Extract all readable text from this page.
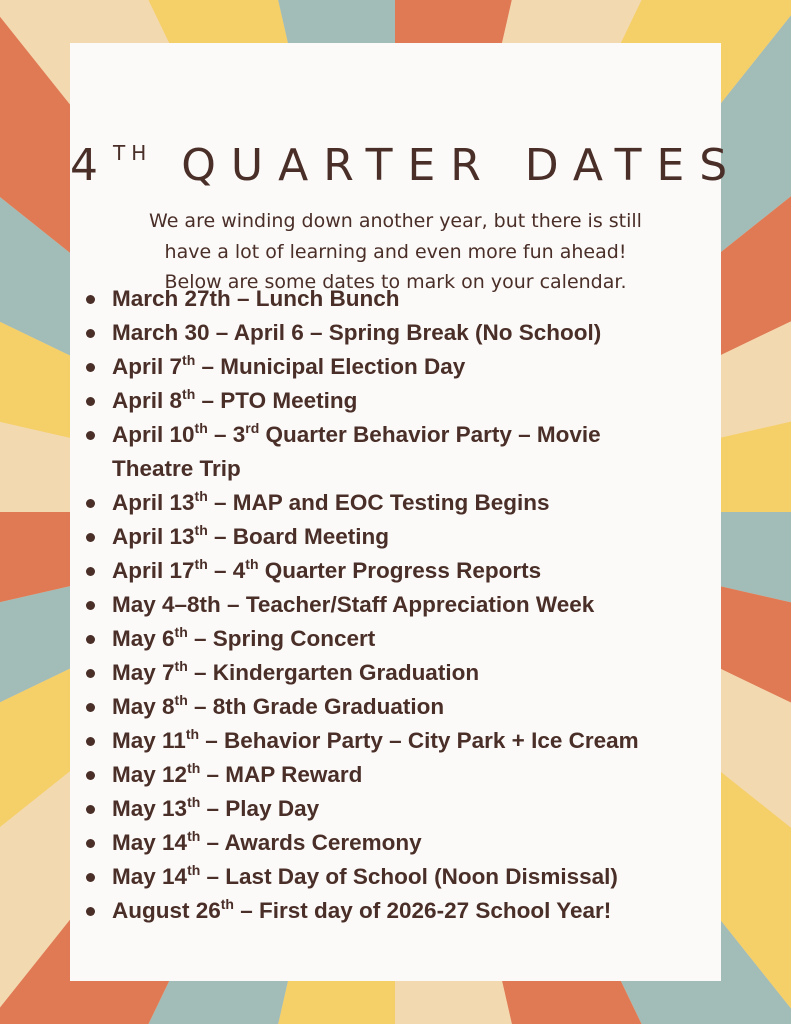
4TH QUARTER DATES
We are winding down another year, but there is still
have a lot of learning and even more fun ahead!
Below are some dates to mark on your calendar.
March 27th – Lunch Bunch
March 30 – April 6 – Spring Break (No School)
April 7th – Municipal Election Day
April 8th – PTO Meeting
April 10th – 3rd Quarter Behavior Party – Movie
Theatre Trip
April 13th – MAP and EOC Testing Begins
April 13th – Board Meeting
April 17th – 4th Quarter Progress Reports
May 4–8th – Teacher/Staff Appreciation Week
May 6th – Spring Concert
May 7th – Kindergarten Graduation
May 8th – 8th Grade Graduation
May 11th – Behavior Party – City Park + Ice Cream
May 12th – MAP Reward
May 13th – Play Day
May 14th – Awards Ceremony
May 14th – Last Day of School (Noon Dismissal)
August 26th – First day of 2026-27 School Year!
